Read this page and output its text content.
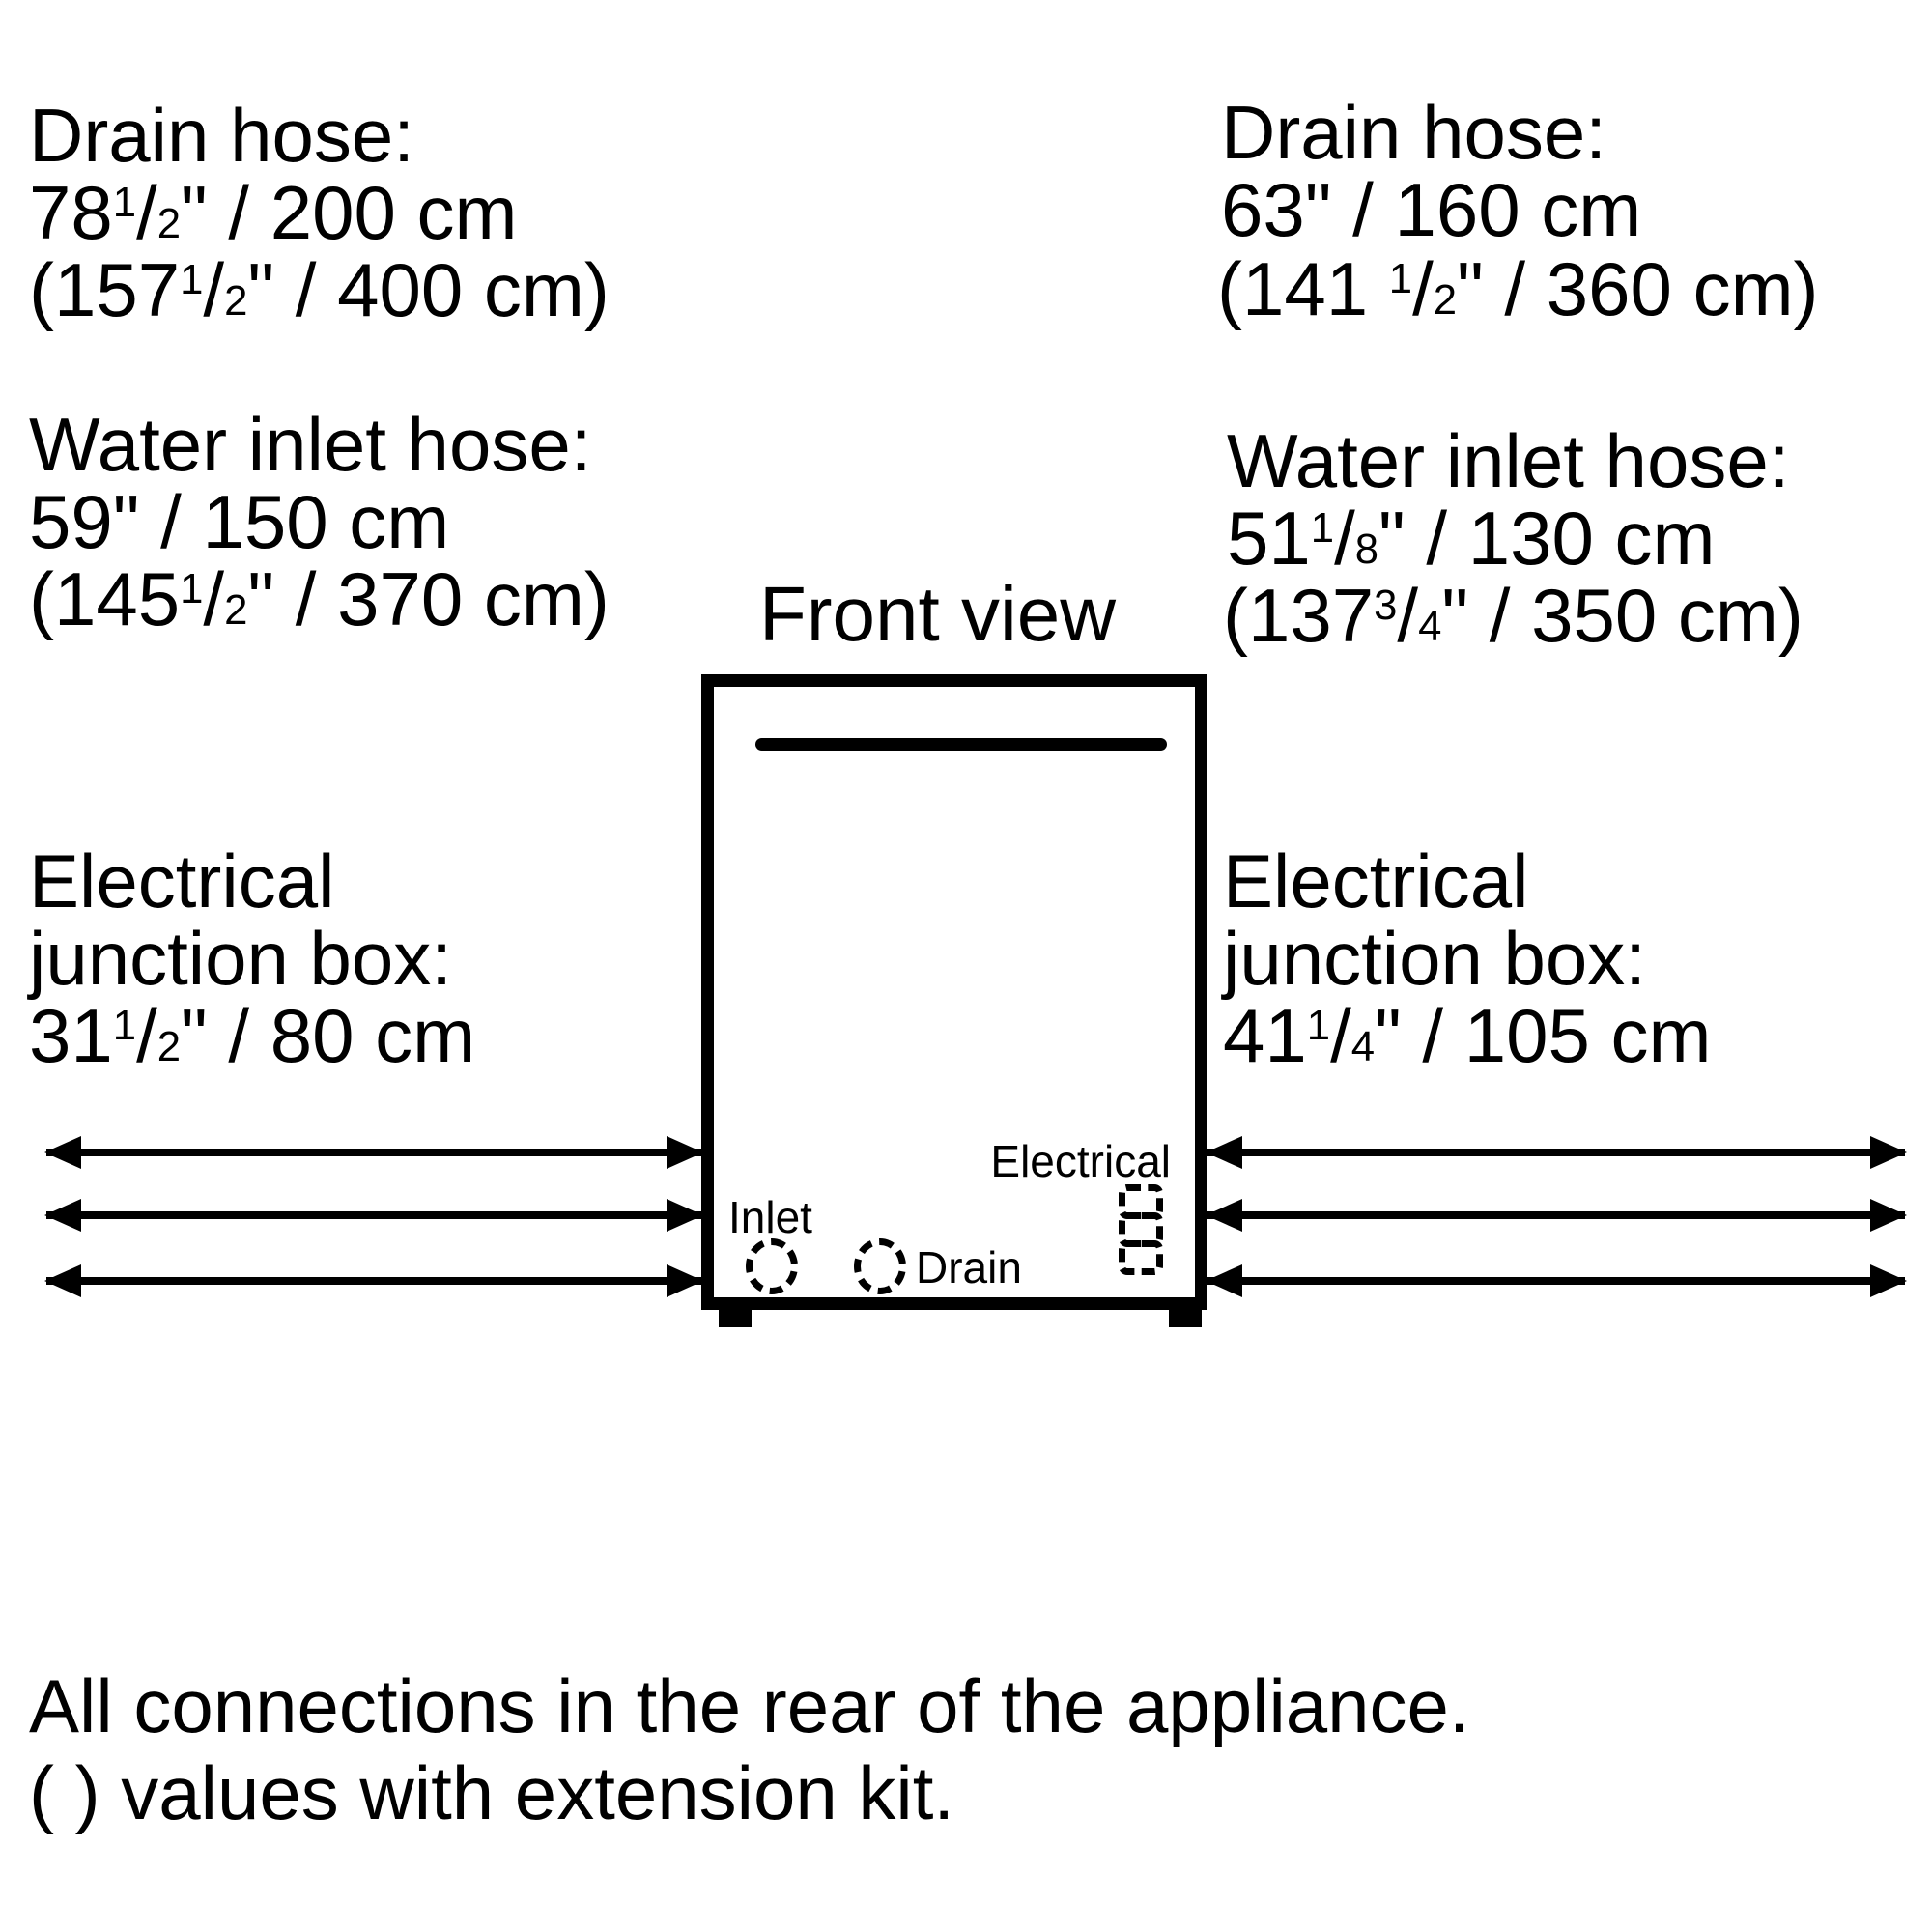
Drain hose:
$78^1/2$" / 200 cm
($157^1/2$" / 400 cm)
Water inlet hose:
59" / 150 cm
($145^1/2$" / 370 cm)
Electrical
junction box:
$31^1/2$" / 80 cm
Drain hose:
63" / 160 cm
(141 $^1$/2" / 360 cm)
Water inlet hose:
$51^1/8$" / 130 cm
($137^3/4$" / 350 cm)
Electrical
junction box:
$41^1/4$" / 105 cm
Front view
Inlet
Drain
Electrical
All connections in the rear of the appliance.
( ) values with extension kit.
